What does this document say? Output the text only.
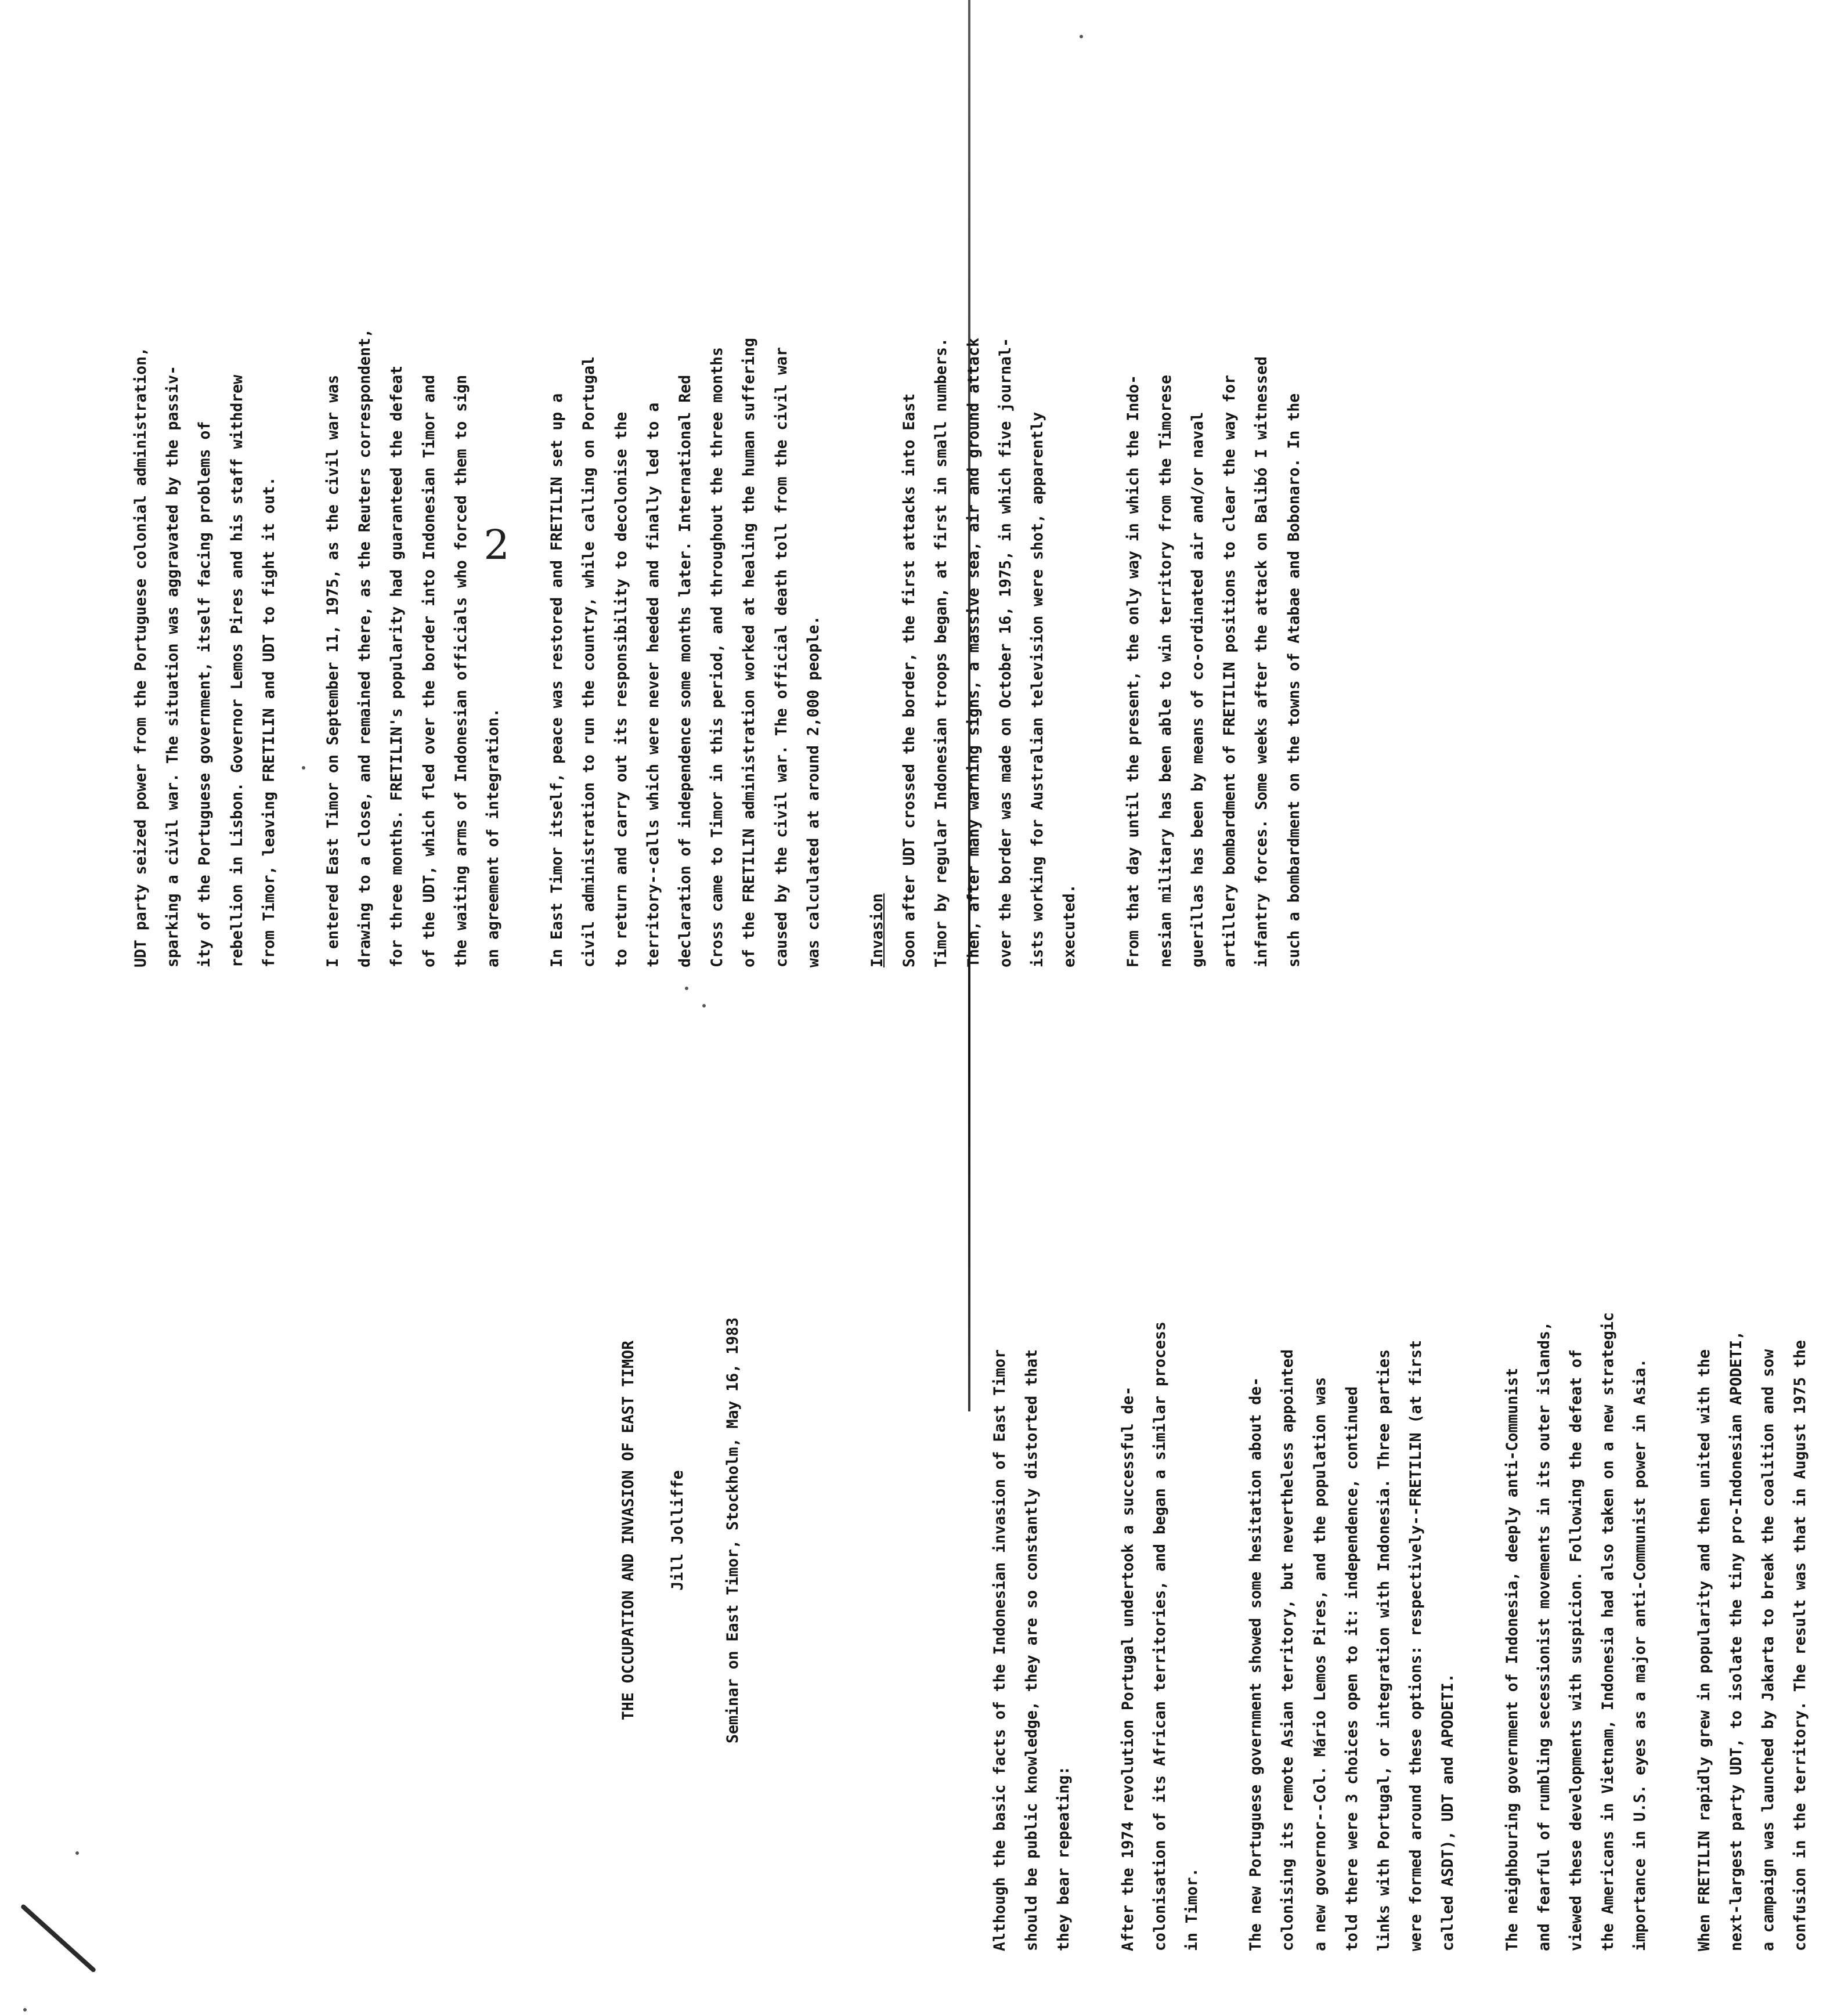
2
THE OCCUPATION AND INVASION OF EAST TIMOR	Jill Jolliffe	Seminar on East Timor, Stockholm, May 16, 1983	Although the basic facts of the Indonesian invasion of East Timor should be public knowledge, they are so constantly distorted that they bear repeating:	After the 1974 revolution Portugal undertook a successful de- colonisation of its African territories, and began a similar process in Timor.	The new Portuguese government showed some hesitation about de- colonising its remote Asian territory, but nevertheless appointed a new governor--Col. Mário Lemos Pires, and the population was told there were 3 choices open to it: independence, continued links with Portugal, or integration with Indonesia. Three parties were formed around these options: respectively--FRETILIN (at first called ASDT), UDT and APODETI.	The neighbouring government of Indonesia, deeply anti-Communist and fearful of rumbling secessionist movements in its outer islands, viewed these developments with suspicion. Following the defeat of the Americans in Vietnam, Indonesia had also taken on a new strategic importance in U.S. eyes as a major anti-Communist power in Asia.	When FRETILIN rapidly grew in popularity and then united with the next-largest party UDT, to isolate the tiny pro-Indonesian APODETI, a campaign was launched by Jakarta to break the coalition and sow confusion in the territory. The result was that in August 1975 the

UDT party seized power from the Portuguese colonial administration, sparking a civil war. The situation was aggravated by the passiv- ity of the Portuguese government, itself facing problems of rebellion in Lisbon. Governor Lemos Pires and his staff withdrew from Timor, leaving FRETILIN and UDT to fight it out.	I entered East Timor on September 11, 1975, as the civil war was drawing to a close, and remained there, as the Reuters correspondent, for three months. FRETILIN's popularity had guaranteed the defeat of the UDT, which fled over the border into Indonesian Timor and the waiting arms of Indonesian officials who forced them to sign an agreement of integration.	In East Timor itself, peace was restored and FRETILIN set up a civil administration to run the country, while calling on Portugal to return and carry out its responsibility to decolonise the territory--calls which were never heeded and finally led to a declaration of independence some months later. International Red Cross came to Timor in this period, and throughout the three months of the FRETILIN administration worked at healing the human suffering caused by the civil war. The official death toll from the civil war was calculated at around 2,000 people.	Invasion Soon after UDT crossed the border, the first attacks into East Timor by regular Indonesian troops began, at first in small numbers. Then, after many warning signs, a massive sea, air and ground attack over the border was made on October 16, 1975, in which five journal- ists working for Australian television were shot, apparently executed.	From that day until the present, the only way in which the Indo- nesian military has been able to win territory from the Timorese guerillas has been by means of co-ordinated air and/or naval artillery bombardment of FRETILIN positions to clear the way for infantry forces. Some weeks after the attack on Balibó I witnessed such a bombardment on the towns of Atabae and Bobonaro. In the
